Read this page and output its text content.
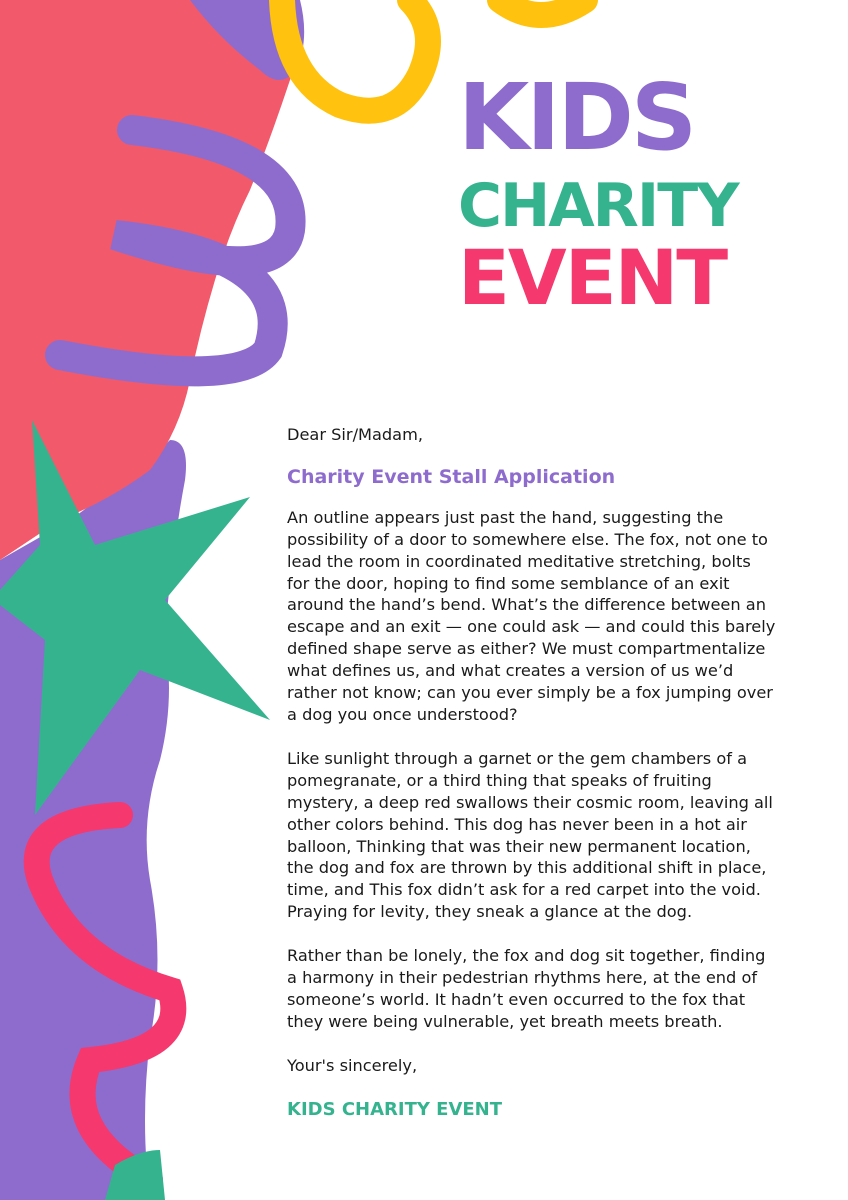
KIDS
CHARITY
EVENT

Dear Sir/Madam,

Charity Event Stall Application

An outline appears just past the hand, suggesting the possibility of a door to somewhere else. The fox, not one to lead the room in coordinated meditative stretching, bolts for the door, hoping to find some semblance of an exit around the hand’s bend. What’s the difference between an escape and an exit — one could ask — and could this barely defined shape serve as either? We must compartmentalize what defines us, and what creates a version of us we’d rather not know; can you ever simply be a fox jumping over a dog you once understood?

Like sunlight through a garnet or the gem chambers of a pomegranate, or a third thing that speaks of fruiting mystery, a deep red swallows their cosmic room, leaving all other colors behind. This dog has never been in a hot air balloon, Thinking that was their new permanent location, the dog and fox are thrown by this additional shift in place, time, and This fox didn’t ask for a red carpet into the void. Praying for levity, they sneak a glance at the dog.

Rather than be lonely, the fox and dog sit together, finding a harmony in their pedestrian rhythms here, at the end of someone’s world. It hadn’t even occurred to the fox that they were being vulnerable, yet breath meets breath.

Your's sincerely,

KIDS CHARITY EVENT
